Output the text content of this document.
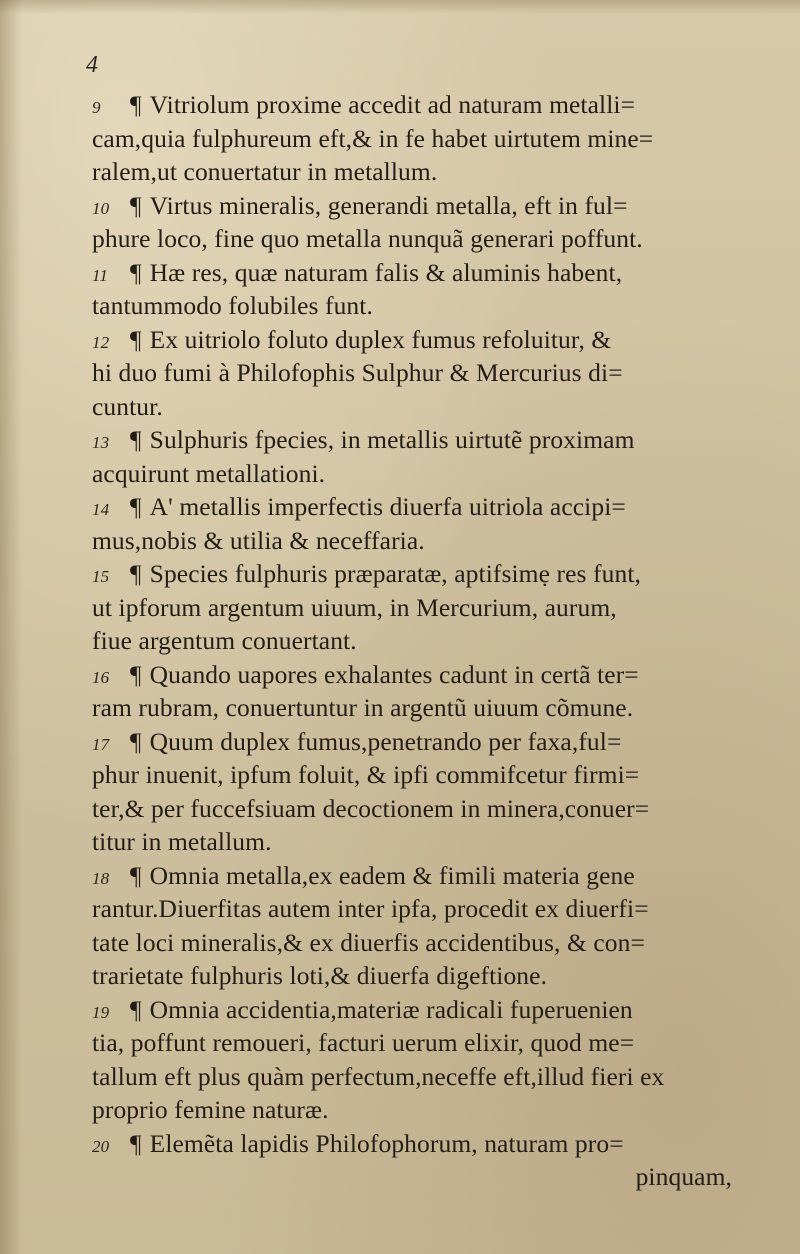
4
9 ¶ Vitriolum proxime accedit ad naturam metalli=
cam,quia fulphureum eft,& in fe habet uirtutem mine=
ralem,ut conuertatur in metallum.
10 ¶ Virtus mineralis, generandi metalla, eft in ful=
phure loco, fine quo metalla nunquã generari poffunt.
11 ¶ Hæ res, quæ naturam falis & aluminis habent,
tantummodo folubiles funt.
12 ¶ Ex uitriolo foluto duplex fumus refoluitur, &
hi duo fumi à Philofophis Sulphur & Mercurius di=
cuntur.
13 ¶ Sulphuris fpecies, in metallis uirtutẽ proximam
acquirunt metallationi.
14 ¶ A' metallis imperfectis diuerfa uitriola accipi=
mus,nobis & utilia & neceffaria.
15 ¶ Species fulphuris præparatæ, aptifsimẹ res funt,
ut ipforum argentum uiuum, in Mercurium, aurum,
fiue argentum conuertant.
16 ¶ Quando uapores exhalantes cadunt in certã ter=
ram rubram, conuertuntur in argentũ uiuum cõmune.
17 ¶ Quum duplex fumus,penetrando per faxa,ful=
phur inuenit, ipfum foluit, & ipfi commifcetur firmi=
ter,& per fuccefsiuam decoctionem in minera,conuer=
titur in metallum.
18 ¶ Omnia metalla,ex eadem & fimili materia gene
rantur.Diuerfitas autem inter ipfa, procedit ex diuerfi=
tate loci mineralis,& ex diuerfis accidentibus, & con=
trarietate fulphuris loti,& diuerfa digeftione.
19 ¶ Omnia accidentia,materiæ radicali fuperuenien
tia, poffunt remoueri, facturi uerum elixir, quod me=
tallum eft plus quàm perfectum,neceffe eft,illud fieri ex
proprio femine naturæ.
20 ¶ Elemẽta lapidis Philofophorum, naturam pro=
pinquam,
